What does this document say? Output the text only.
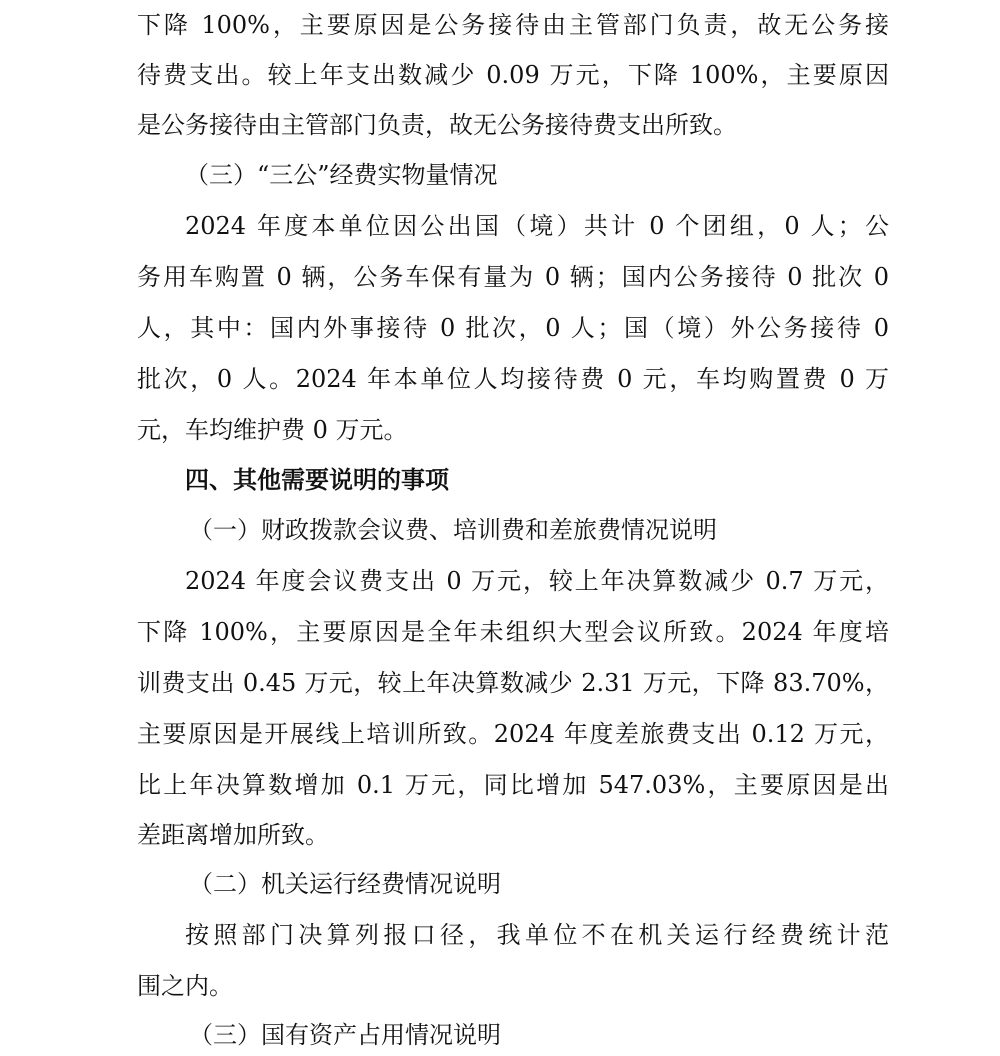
下降 100%，主要原因是公务接待由主管部门负责，故无公务接
待费支出。较上年支出数减少 0.09 万元，下降 100%，主要原因
是公务接待由主管部门负责，故无公务接待费支出所致。
（三）“三公”经费实物量情况
2024 年度本单位因公出国（境）共计 0 个团组，0 人；公
务用车购置 0 辆，公务车保有量为 0 辆；国内公务接待 0 批次 0
人，其中：国内外事接待 0 批次，0 人；国（境）外公务接待 0
批次，0 人。2024 年本单位人均接待费 0 元，车均购置费 0 万
元，车均维护费 0 万元。
四、其他需要说明的事项
（一）财政拨款会议费、培训费和差旅费情况说明
2024 年度会议费支出 0 万元，较上年决算数减少 0.7 万元，
下降 100%，主要原因是全年未组织大型会议所致。2024 年度培
训费支出 0.45 万元，较上年决算数减少 2.31 万元，下降 83.70%，
主要原因是开展线上培训所致。2024 年度差旅费支出 0.12 万元，
比上年决算数增加 0.1 万元，同比增加 547.03%，主要原因是出
差距离增加所致。
（二）机关运行经费情况说明
按照部门决算列报口径，我单位不在机关运行经费统计范
围之内。
（三）国有资产占用情况说明
